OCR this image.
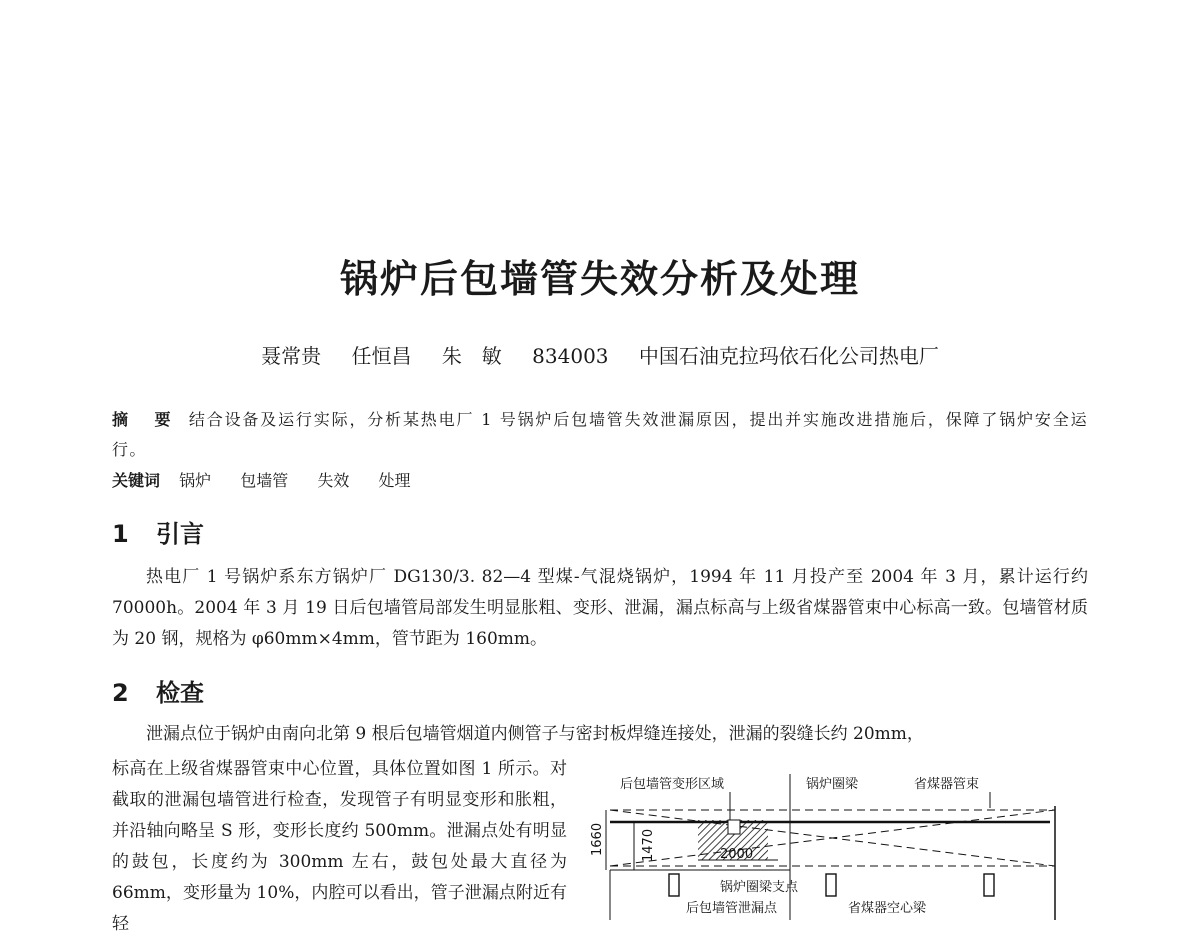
锅炉后包墙管失效分析及处理
聂常贵 任恒昌 朱　敏 834003 中国石油克拉玛依石化公司热电厂
摘 要 结合设备及运行实际，分析某热电厂 1 号锅炉后包墙管失效泄漏原因，提出并实施改进措施后，保障了锅炉安全运行。
关键词 锅炉 包墙管 失效 处理
1 引言

热电厂 1 号锅炉系东方锅炉厂 DG130/3. 82—4 型煤-气混烧锅炉，1994 年 11 月投产至 2004 年 3 月，累计运行约 70000h。2004 年 3 月 19 日后包墙管局部发生明显胀粗、变形、泄漏，漏点标高与上级省煤器管束中心标高一致。包墙管材质为 20 钢，规格为 φ60mm×4mm，管节距为 160mm。

2 检查

泄漏点位于锅炉由南向北第 9 根后包墙管烟道内侧管子与密封板焊缝连接处，泄漏的裂缝长约 20mm，

标高在上级省煤器管束中心位置，具体位置如图 1 所示。对截取的泄漏包墙管进行检查，发现管子有明显变形和胀粗，并沿轴向略呈 S 形，变形长度约 500mm。泄漏点处有明显的鼓包，长度约为 300mm 左右，鼓包处最大直径为 66mm，变形量为 10%，内腔可以看出，管子泄漏点附近有轻

后包墙管变形区域	锅炉圈梁	省煤器管束
1660	1470	2000
锅炉圈梁支点
后包墙管泄漏点	省煤器空心梁
